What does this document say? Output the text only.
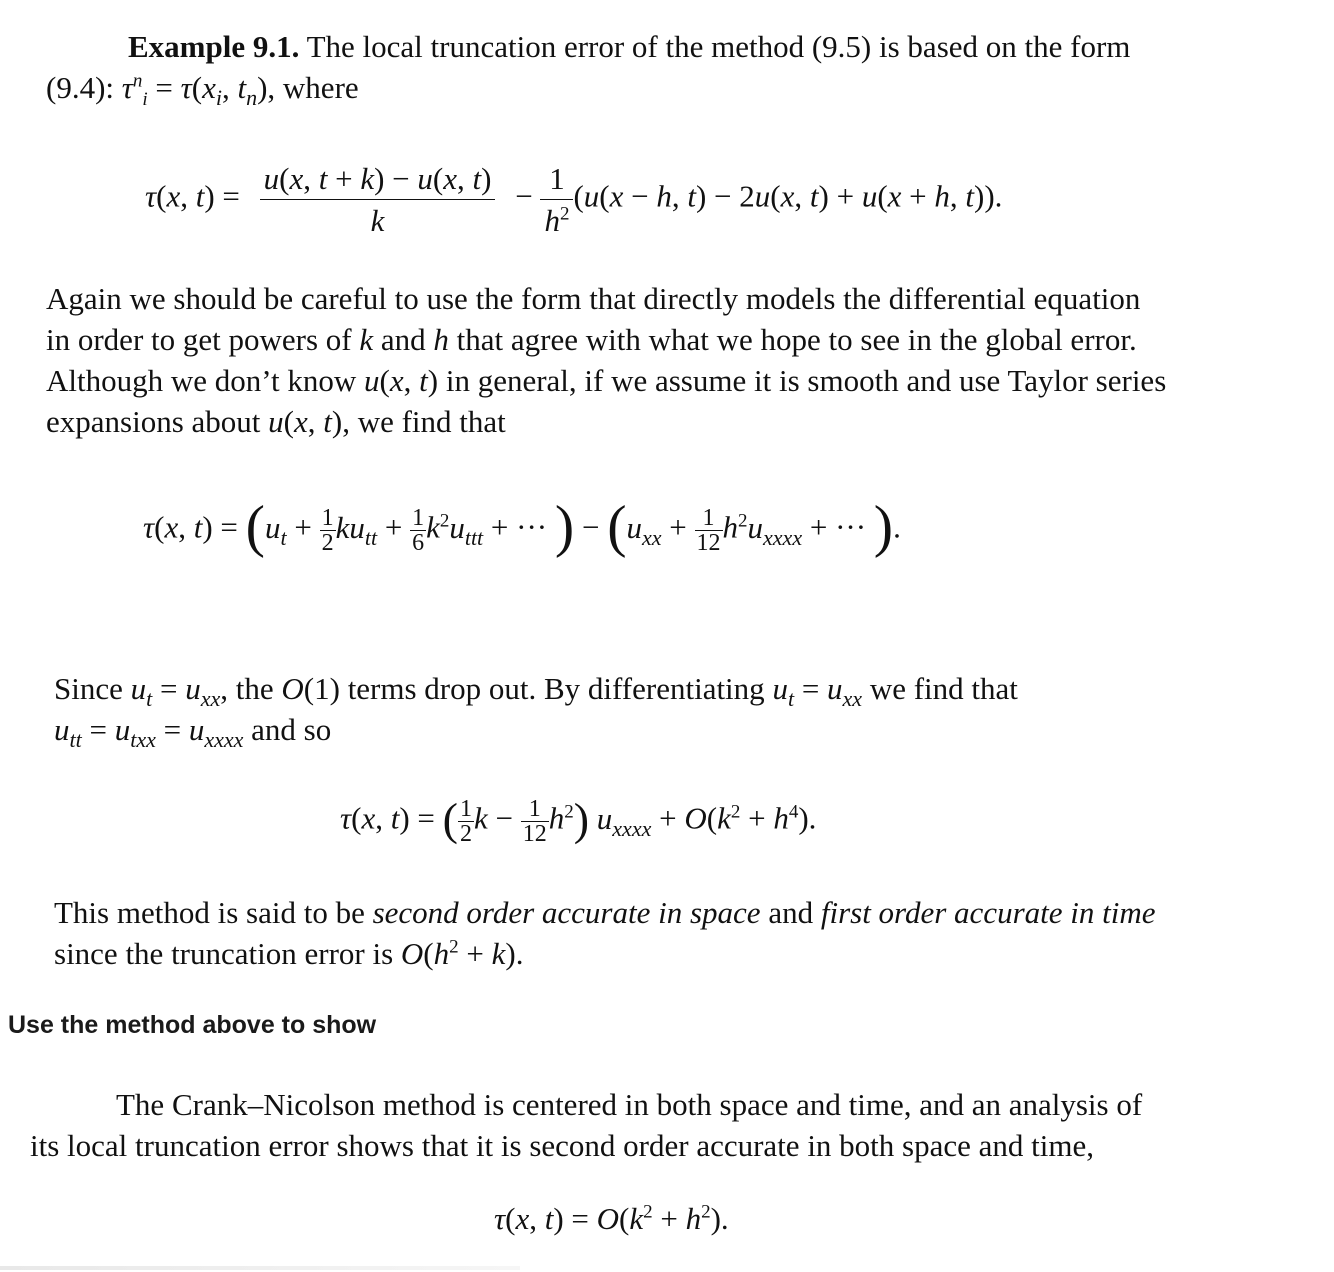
Example 9.1. The local truncation error of the method (9.5) is based on the form
(9.4): $\tau^n_i = \tau(x_i$, $t_n$), where
τ(x, $t) = \frac{u(x, t + k) - u(x, t)}{k} - \frac{1}{h^2} (u(x - h$, t) − 2u(x, t) + u(x + h, t)).
Again we should be careful to use the form that directly models the differential equation
in order to get powers of k and h that agree with what we hope to see in the global error.
Although we don’t know u(x, t) in general, if we assume it is smooth and use Taylor series
expansions about u(x, t), we find that
τ(x, $t) = (u_t + \frac{1}{2} ku_{tt} + \frac{1}{6} k^2u_{ttt}$ + ··· ) − ($u_{xx} + \frac{1}{12} h^2u_{xxxx}$ + ··· ).
Since $u_t = u_{xx}$, the O(1) terms drop out. By differentiating $u_t = u_{xx}$ we find that
$u_{tt} = u_{txx} = u_{xxxx}$ and so
τ(x, t) = ( $\frac{1}{2}$ $k - \frac{1}{12} h^2$) $u_{xxxx} + O(k^2 + h^4)$.
This method is said to be second order accurate in space and first order accurate in time
since the truncation error is $O(h^2 + k)$.
Use the method above to show
The Crank–Nicolson method is centered in both space and time, and an analysis of
its local truncation error shows that it is second order accurate in both space and time,
τ(x, $t) = O(k^2 + h^2)$.
